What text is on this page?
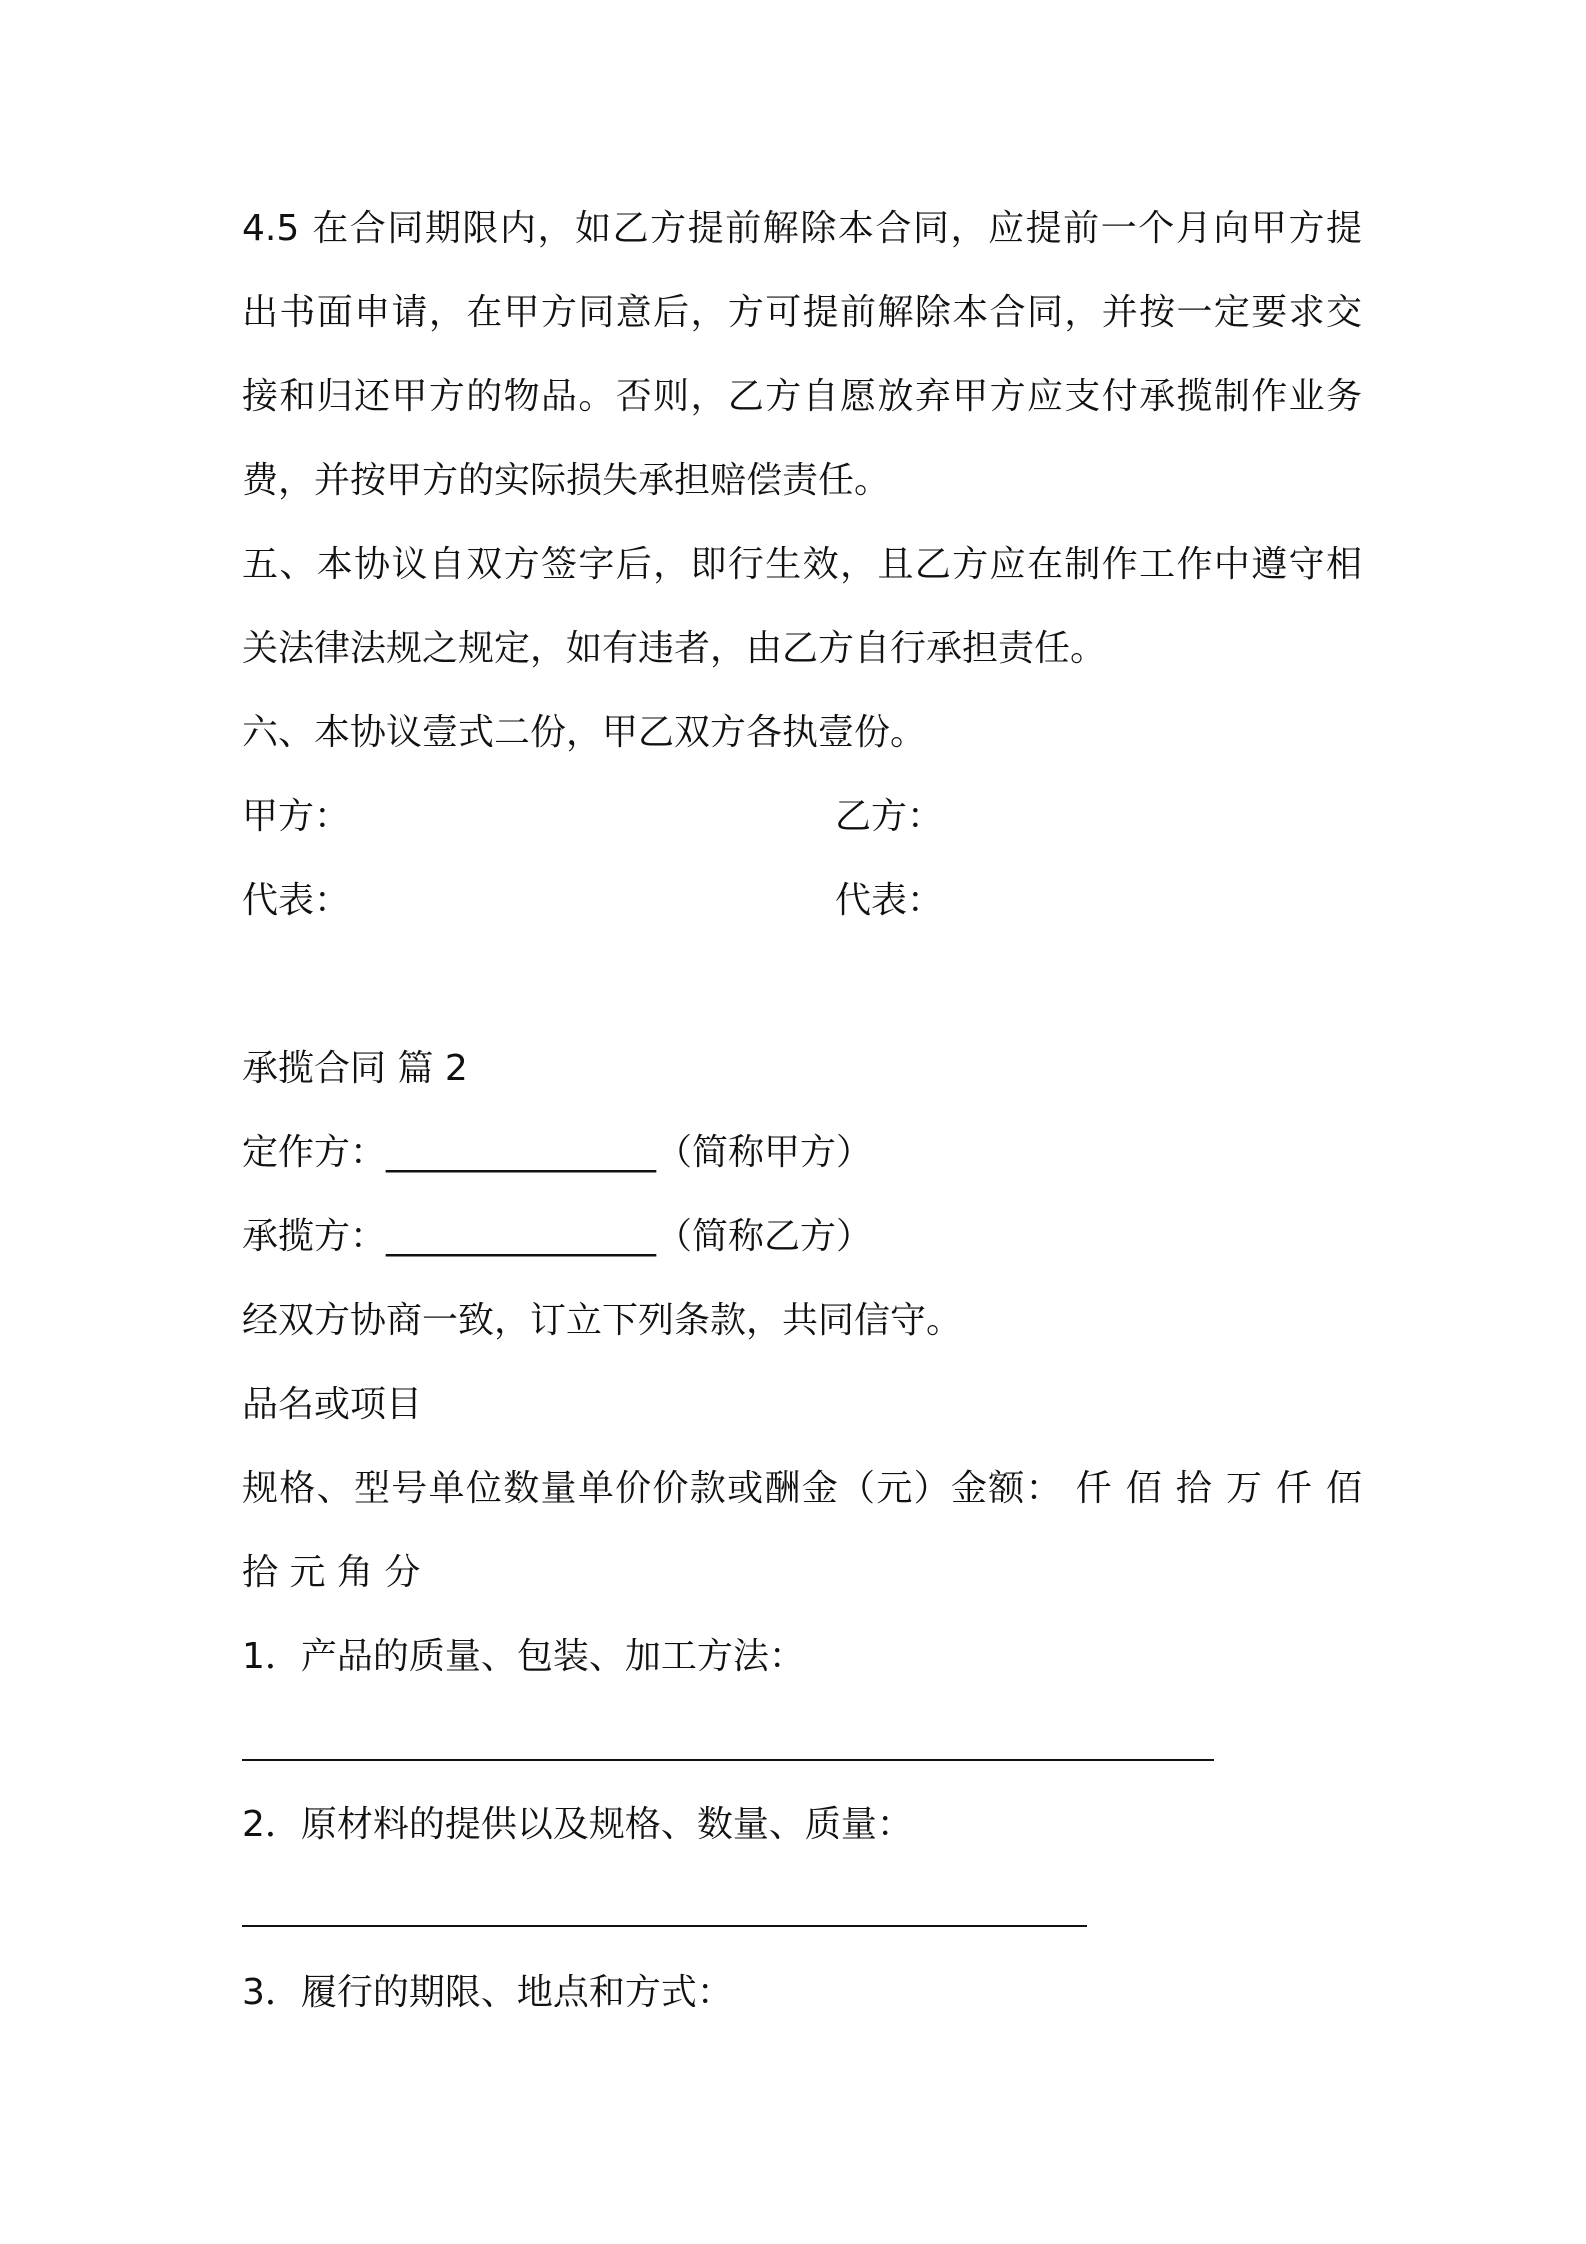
4.5 在合同期限内，如乙方提前解除本合同，应提前一个月向甲方提
出书面申请，在甲方同意后，方可提前解除本合同，并按一定要求交
接和归还甲方的物品。否则，乙方自愿放弃甲方应支付承揽制作业务
费，并按甲方的实际损失承担赔偿责任。
五、本协议自双方签字后，即行生效，且乙方应在制作工作中遵守相
关法律法规之规定，如有违者，由乙方自行承担责任。
六、本协议壹式二份，甲乙双方各执壹份。
甲方：	乙方：
代表：	代表：
承揽合同 篇 2
定作方：_______________（简称甲方）
承揽方：_______________（简称乙方）
经双方协商一致，订立下列条款，共同信守。
品名或项目
规格、型号单位数量单价价款或酬金（元）金额： 仟 佰 拾 万 仟 佰
拾 元 角 分
1．产品的质量、包装、加工方法：
2．原材料的提供以及规格、数量、质量：
3．履行的期限、地点和方式：
